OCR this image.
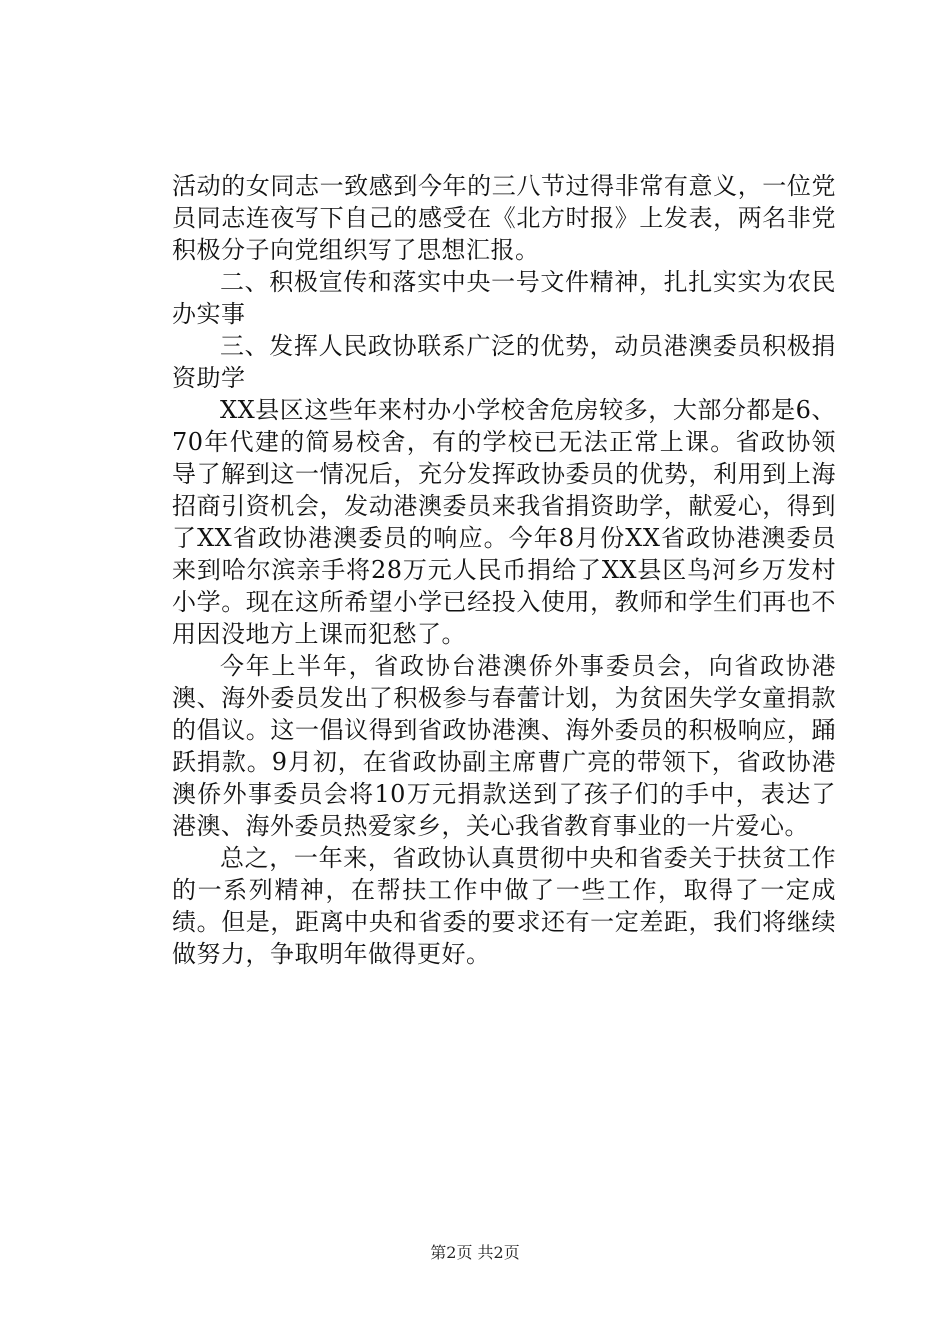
活动的女同志一致感到今年的三八节过得非常有意义，一位党员同志连夜写下自己的感受在《北方时报》上发表，两名非党积极分子向党组织写了思想汇报。

二、积极宣传和落实中央一号文件精神，扎扎实实为农民办实事

三、发挥人民政协联系广泛的优势，动员港澳委员积极捐资助学

XX县区这些年来村办小学校舍危房较多，大部分都是6、70年代建的简易校舍，有的学校已无法正常上课。省政协领导了解到这一情况后，充分发挥政协委员的优势，利用到上海招商引资机会，发动港澳委员来我省捐资助学，献爱心，得到了XX省政协港澳委员的响应。今年8月份XX省政协港澳委员来到哈尔滨亲手将28万元人民币捐给了XX县区鸟河乡万发村小学。现在这所希望小学已经投入使用，教师和学生们再也不用因没地方上课而犯愁了。

今年上半年，省政协台港澳侨外事委员会，向省政协港澳、海外委员发出了积极参与春蕾计划，为贫困失学女童捐款的倡议。这一倡议得到省政协港澳、海外委员的积极响应，踊跃捐款。9月初，在省政协副主席曹广亮的带领下，省政协港澳侨外事委员会将10万元捐款送到了孩子们的手中，表达了港澳、海外委员热爱家乡，关心我省教育事业的一片爱心。

总之，一年来，省政协认真贯彻中央和省委关于扶贫工作的一系列精神，在帮扶工作中做了一些工作，取得了一定成绩。但是，距离中央和省委的要求还有一定差距，我们将继续做努力，争取明年做得更好。

第2页 共2页
